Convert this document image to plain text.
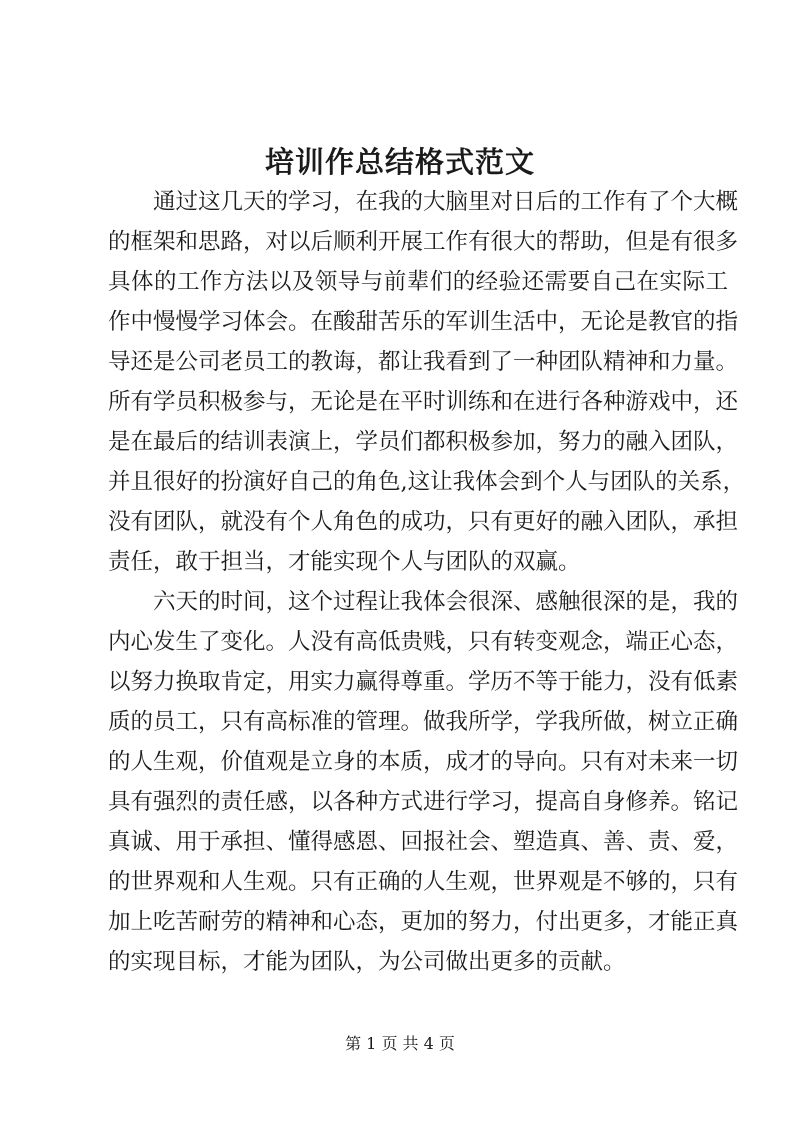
培训作总结格式范文
通过这几天的学习，在我的大脑里对日后的工作有了个大概
的框架和思路，对以后顺利开展工作有很大的帮助，但是有很多
具体的工作方法以及领导与前辈们的经验还需要自己在实际工
作中慢慢学习体会。在酸甜苦乐的军训生活中，无论是教官的指
导还是公司老员工的教诲，都让我看到了一种团队精神和力量。
所有学员积极参与，无论是在平时训练和在进行各种游戏中，还
是在最后的结训表演上，学员们都积极参加，努力的融入团队，
并且很好的扮演好自己的角色,这让我体会到个人与团队的关系，
没有团队，就没有个人角色的成功，只有更好的融入团队，承担
责任，敢于担当，才能实现个人与团队的双赢。
六天的时间，这个过程让我体会很深、感触很深的是，我的
内心发生了变化。人没有高低贵贱，只有转变观念，端正心态，
以努力换取肯定，用实力赢得尊重。学历不等于能力，没有低素
质的员工，只有高标准的管理。做我所学，学我所做，树立正确
的人生观，价值观是立身的本质，成才的导向。只有对未来一切
具有强烈的责任感，以各种方式进行学习，提高自身修养。铭记
真诚、用于承担、懂得感恩、回报社会、塑造真、善、责、爱，
的世界观和人生观。只有正确的人生观，世界观是不够的，只有
加上吃苦耐劳的精神和心态，更加的努力，付出更多，才能正真
的实现目标，才能为团队，为公司做出更多的贡献。

第 1 页 共 4 页
